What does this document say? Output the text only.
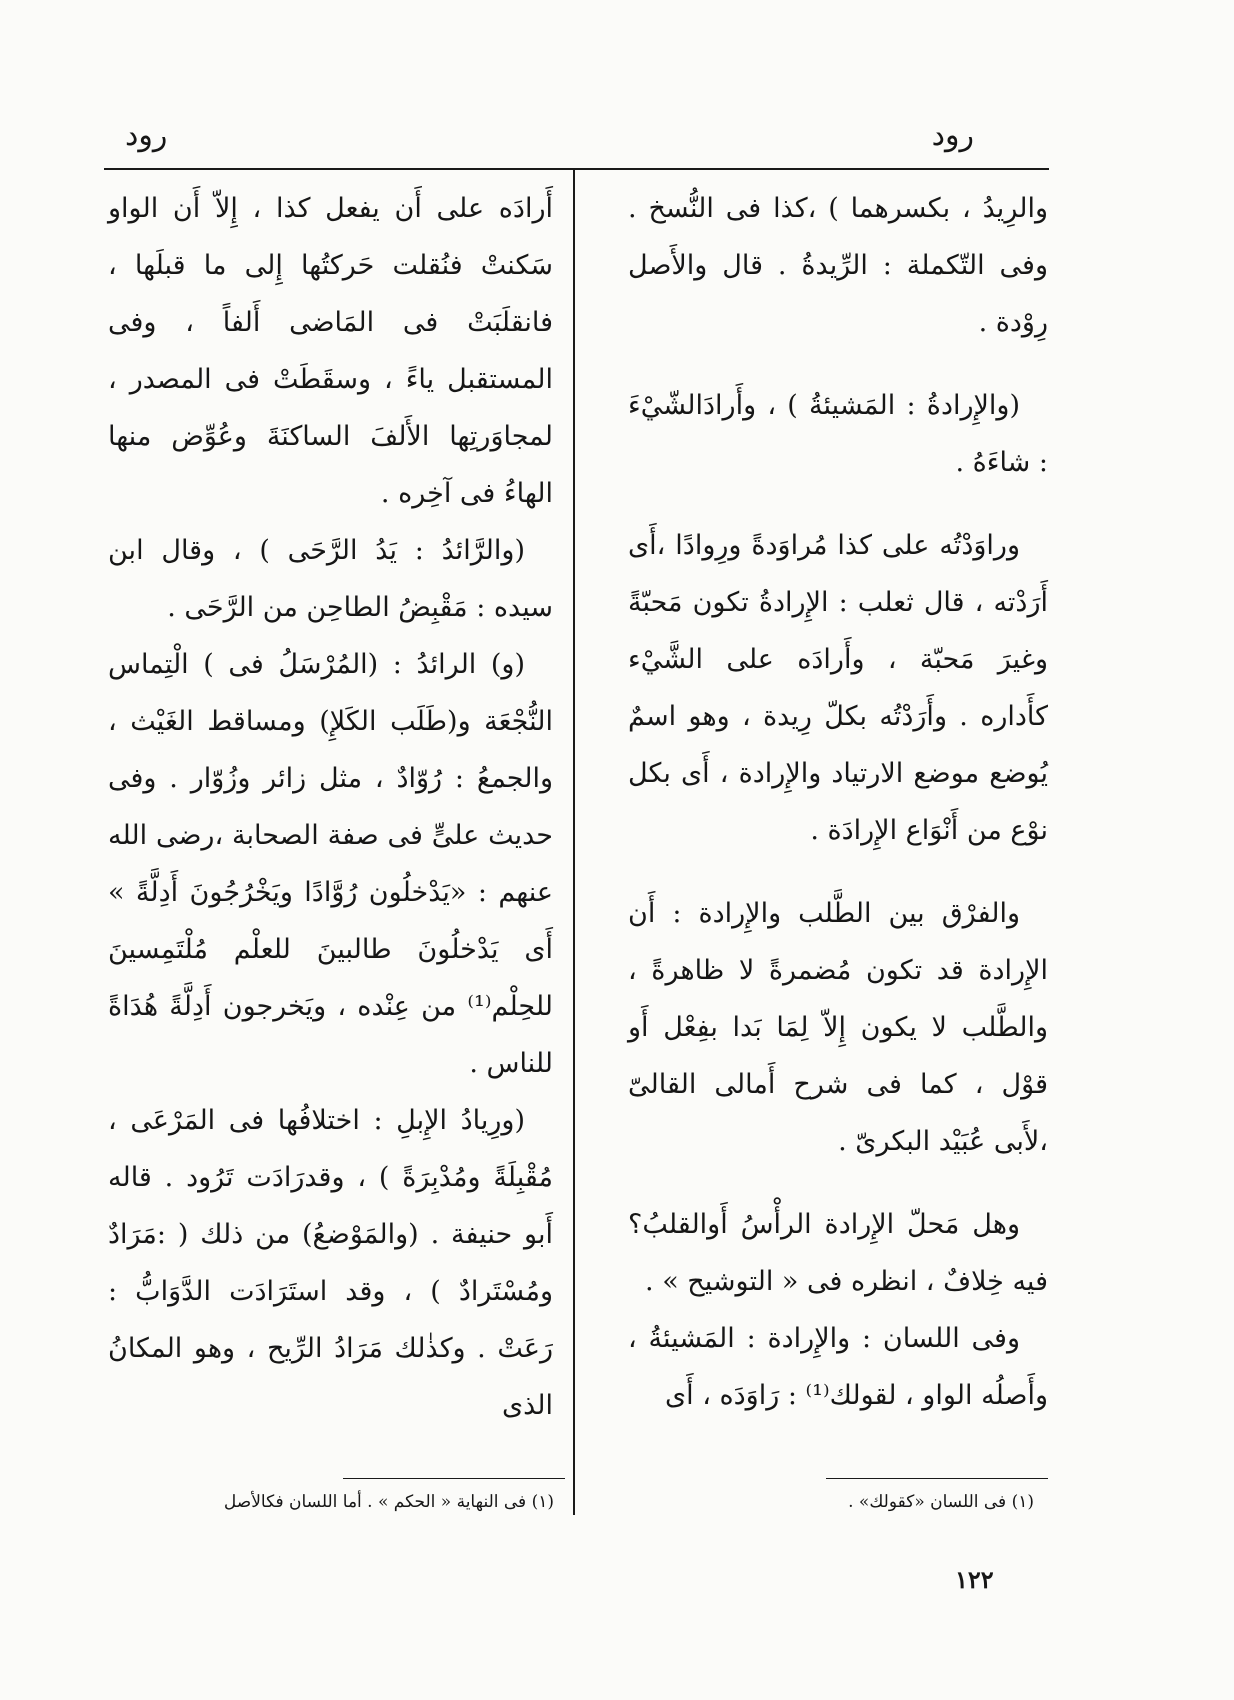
رود
رود

والرِيدُ ، بكسرهما ) ،كذا فى النُّسخ . وفى التّكملة : الرِّيدةُ . قال والأَصل رِوْدة .

(والإِرادةُ : المَشيئةُ ) ، وأَرادَالشّيْءَ : شاءَهُ .

وراوَدْتُه على كذا مُراوَدةً ورِوادًا ،أَى أَرَدْته ، قال ثعلب : الإِرادةُ تكون مَحبّةً وغيرَ مَحبّة ، وأَرادَه على الشَّيْء كأَداره . وأَرَدْتُه بكلّ رِيدة ، وهو اسمٌ يُوضع موضع الارتياد والإِرادة ، أَى بكل نوْع من أَنْوَاع الإِرادَة .

والفرْق بين الطَّلب والإِرادة : أَن الإِرادة قد تكون مُضمرةً لا ظاهرةً ، والطَّلب لا يكون إِلاّ لِمَا بَدا بفِعْل أَو قوْل ، كما فى شرح أَمالى القالىّ ،لأَبى عُبَيْد البكرىّ .

وهل مَحلّ الإِرادة الرأْسُ أَوالقلبُ؟ فيه خِلافٌ ، انظره فى « التوشيح » .

وفى اللسان : والإِرادة : المَشيئةُ ، وأَصلُه الواو ، لقولك⁽¹⁾ : رَاوَدَه ، أَى

أَرادَه على أَن يفعل كذا ، إِلاّ أَن الواو سَكنتْ فنُقلت حَركتُها إِلى ما قبلَها ، فانقلَبَتْ فى المَاضى أَلفاً ، وفى المستقبل ياءً ، وسقَطَتْ فى المصدر ، لمجاوَرتِها الأَلفَ الساكنَةَ وعُوِّض منها الهاءُ فى آخِره .

(والرَّائدُ : يَدُ الرَّحَى ) ، وقال ابن سيده : مَقْبِضُ الطاحِن من الرَّحَى .

(و) الرائدُ : (المُرْسَلُ فى ) الْتِماس النُّجْعَة و(طَلَب الكَلإِ) ومساقط الغَيْث ، والجمعُ : رُوّادٌ ، مثل زائر وزُوّار . وفى حديث علىٍّ فى صفة الصحابة ،رضى الله عنهم : «يَدْخلُون رُوَّادًا ويَخْرُجُونَ أَدِلَّةً » أَى يَدْخلُونَ طالبينَ للعلْم مُلْتَمِسينَ للحِلْم⁽¹⁾ من عِنْده ، ويَخرجون أَدِلَّةً هُدَاةً للناس .

(ورِيادُ الإِبلِ : اختلافُها فى المَرْعَى ، مُقْبِلَةً ومُدْبِرَةً ) ، وقدرَادَت تَرُود . قاله أَبو حنيفة . (والمَوْضعُ) من ذلك ( :مَرَادٌ ومُسْتَرادٌ ) ، وقد استَرَادَت الدَّوَابُّ : رَعَتْ . وكذٰلك مَرَادُ الرِّيح ، وهو المكانُ الذى

(١) فى اللسان «كقولك» .
(١) فى النهاية « الحكم » . أما اللسان فكالأصل
١٢٢
